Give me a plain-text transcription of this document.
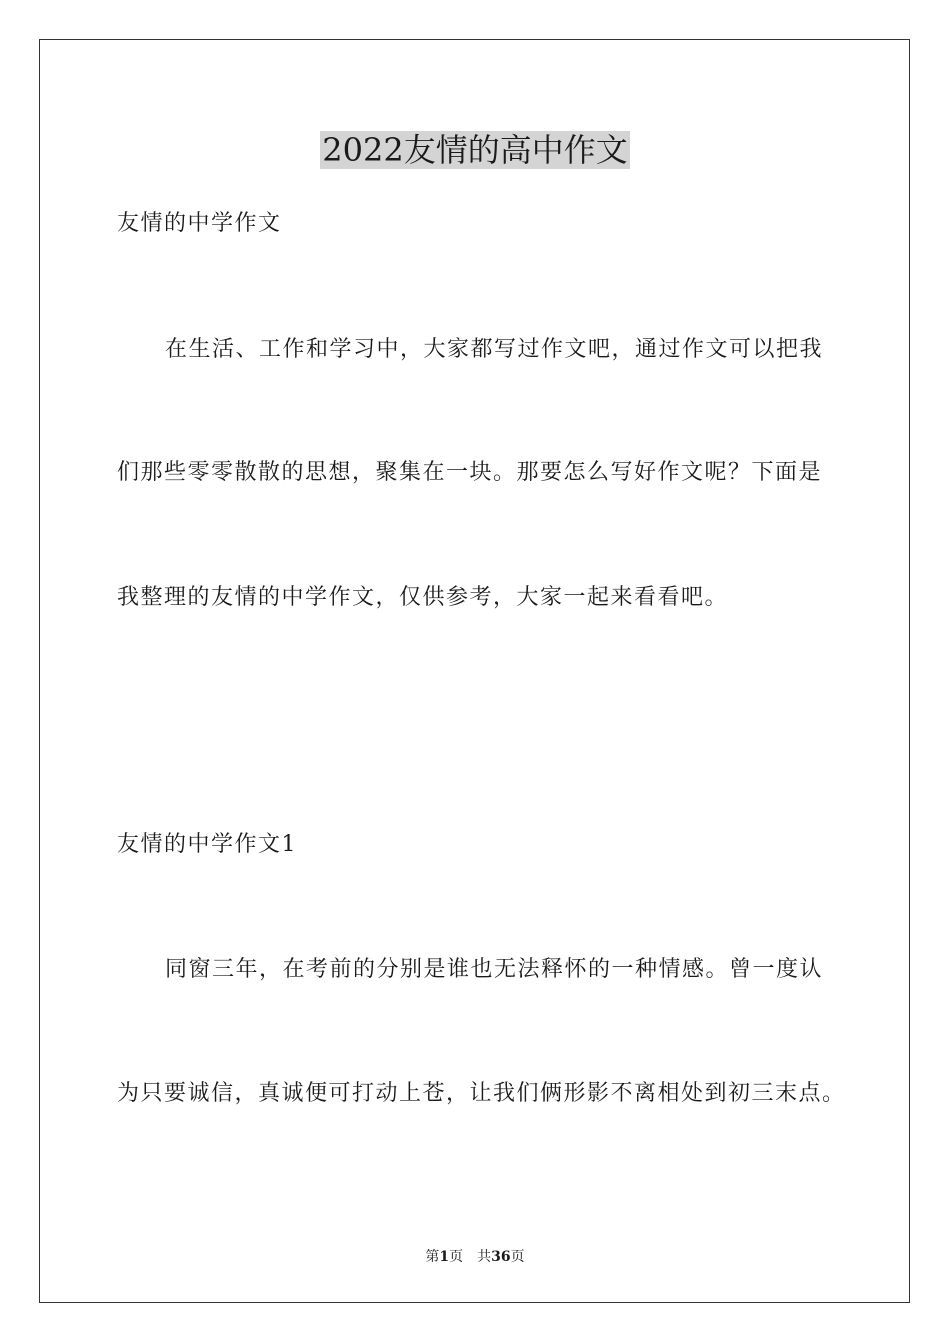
2022友情的高中作文
友情的中学作文
在生活、工作和学习中，大家都写过作文吧，通过作文可以把我
们那些零零散散的思想，聚集在一块。那要怎么写好作文呢？下面是
我整理的友情的中学作文，仅供参考，大家一起来看看吧。
友情的中学作文1
同窗三年，在考前的分别是谁也无法释怀的一种情感。曾一度认
为只要诚信，真诚便可打动上苍，让我们俩形影不离相处到初三末点。
第1页 共36页
